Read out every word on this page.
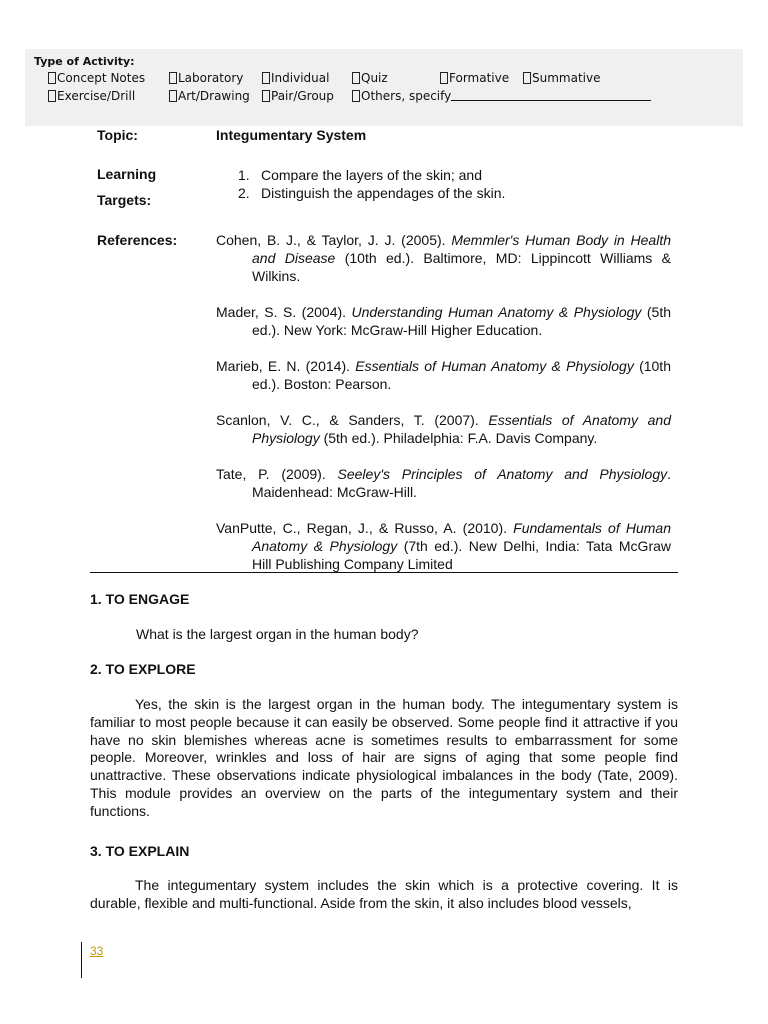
Type of Activity:
Concept Notes	Laboratory	Individual	Quiz	Formative	Summative
Exercise/Drill	Art/Drawing	Pair/Group	Others, specify
Topic:	Integumentary System
Learning
Targets:
1. Compare the layers of the skin; and
2. Distinguish the appendages of the skin.
References:	Cohen, B. J., & Taylor, J. J. (2005). Memmler's Human Body in Health and Disease (10th ed.). Baltimore, MD: Lippincott Williams & Wilkins.

Mader, S. S. (2004). Understanding Human Anatomy & Physiology (5th ed.). New York: McGraw-Hill Higher Education.

Marieb, E. N. (2014). Essentials of Human Anatomy & Physiology (10th ed.). Boston: Pearson.

Scanlon, V. C., & Sanders, T. (2007). Essentials of Anatomy and Physiology (5th ed.). Philadelphia: F.A. Davis Company.

Tate, P. (2009). Seeley's Principles of Anatomy and Physiology. Maidenhead: McGraw-Hill.

VanPutte, C., Regan, J., & Russo, A. (2010). Fundamentals of Human Anatomy & Physiology (7th ed.). New Delhi, India: Tata McGraw Hill Publishing Company Limited

1. TO ENGAGE
What is the largest organ in the human body?
2. TO EXPLORE

Yes, the skin is the largest organ in the human body. The integumentary system is familiar to most people because it can easily be observed. Some people find it attractive if you have no skin blemishes whereas acne is sometimes results to embarrassment for some people. Moreover, wrinkles and loss of hair are signs of aging that some people find unattractive. These observations indicate physiological imbalances in the body (Tate, 2009). This module provides an overview on the parts of the integumentary system and their functions.

3. TO EXPLAIN

The integumentary system includes the skin which is a protective covering. It is durable, flexible and multi-functional. Aside from the skin, it also includes blood vessels,

33
